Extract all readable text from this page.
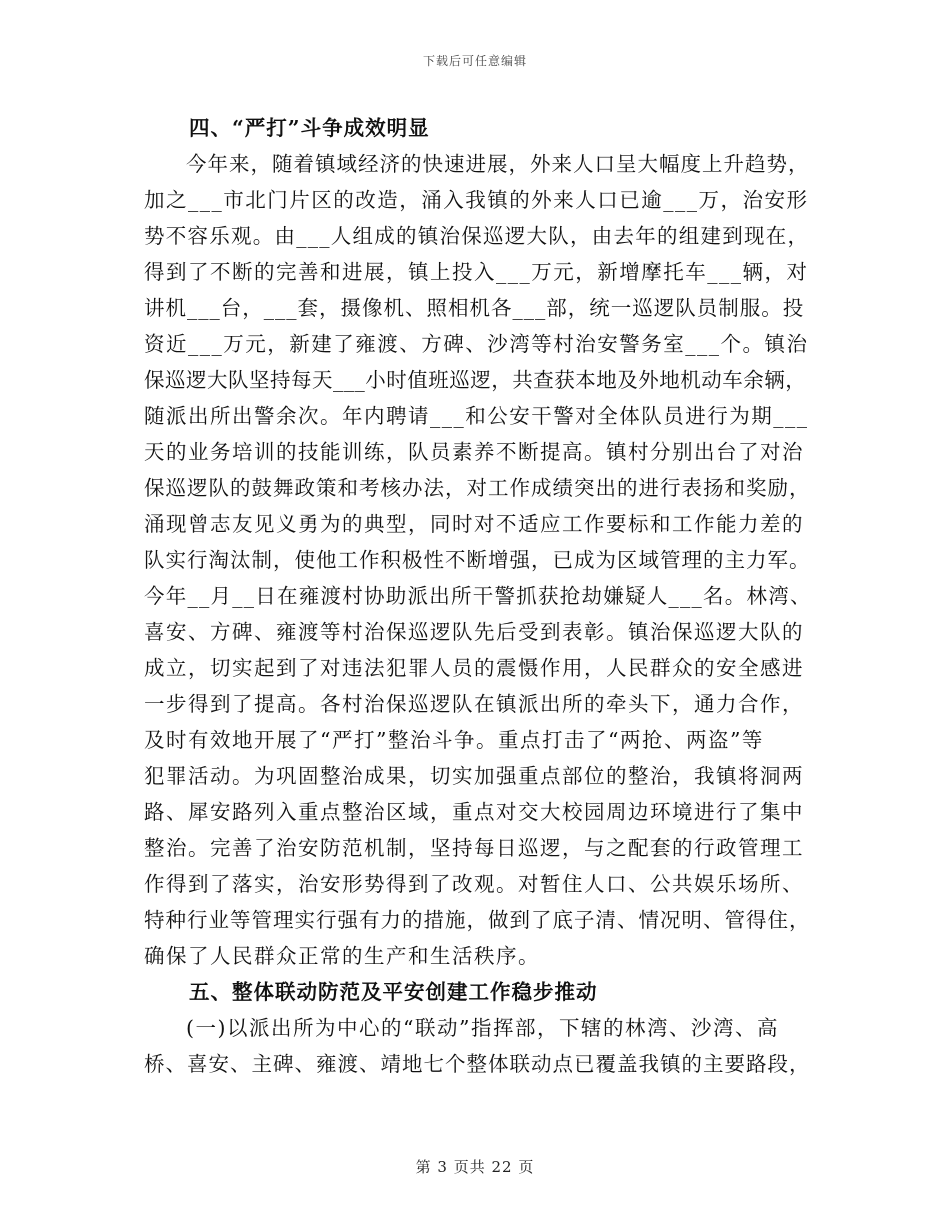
下载后可任意编辑
四、“严打”斗争成效明显
今年来，随着镇域经济的快速进展，外来人口呈大幅度上升趋势，
加之___市北门片区的改造，涌入我镇的外来人口已逾___万，治安形
势不容乐观。由___人组成的镇治保巡逻大队，由去年的组建到现在，
得到了不断的完善和进展，镇上投入___万元，新增摩托车___辆，对
讲机___台，___套，摄像机、照相机各___部，统一巡逻队员制服。投
资近___万元，新建了雍渡、方碑、沙湾等村治安警务室___个。镇治
保巡逻大队坚持每天___小时值班巡逻，共查获本地及外地机动车余辆，
随派出所出警余次。年内聘请___和公安干警对全体队员进行为期___
天的业务培训的技能训练，队员素养不断提高。镇村分别出台了对治
保巡逻队的鼓舞政策和考核办法，对工作成绩突出的进行表扬和奖励，
涌现曾志友见义勇为的典型，同时对不适应工作要标和工作能力差的
队实行淘汰制，使他工作积极性不断增强，已成为区域管理的主力军。
今年__月__日在雍渡村协助派出所干警抓获抢劫嫌疑人___名。林湾、
喜安、方碑、雍渡等村治保巡逻队先后受到表彰。镇治保巡逻大队的
成立，切实起到了对违法犯罪人员的震慑作用，人民群众的安全感进
一步得到了提高。各村治保巡逻队在镇派出所的牵头下，通力合作，
及时有效地开展了“严打”整治斗争。重点打击了“两抢、两盗”等
犯罪活动。为巩固整治成果，切实加强重点部位的整治，我镇将洞两
路、犀安路列入重点整治区域，重点对交大校园周边环境进行了集中
整治。完善了治安防范机制，坚持每日巡逻，与之配套的行政管理工
作得到了落实，治安形势得到了改观。对暂住人口、公共娱乐场所、
特种行业等管理实行强有力的措施，做到了底子清、情况明、管得住，
确保了人民群众正常的生产和生活秩序。
五、整体联动防范及平安创建工作稳步推动
(一)以派出所为中心的“联动”指挥部，下辖的林湾、沙湾、高
桥、喜安、主碑、雍渡、靖地七个整体联动点已覆盖我镇的主要路段，
第 3 页共 22 页
